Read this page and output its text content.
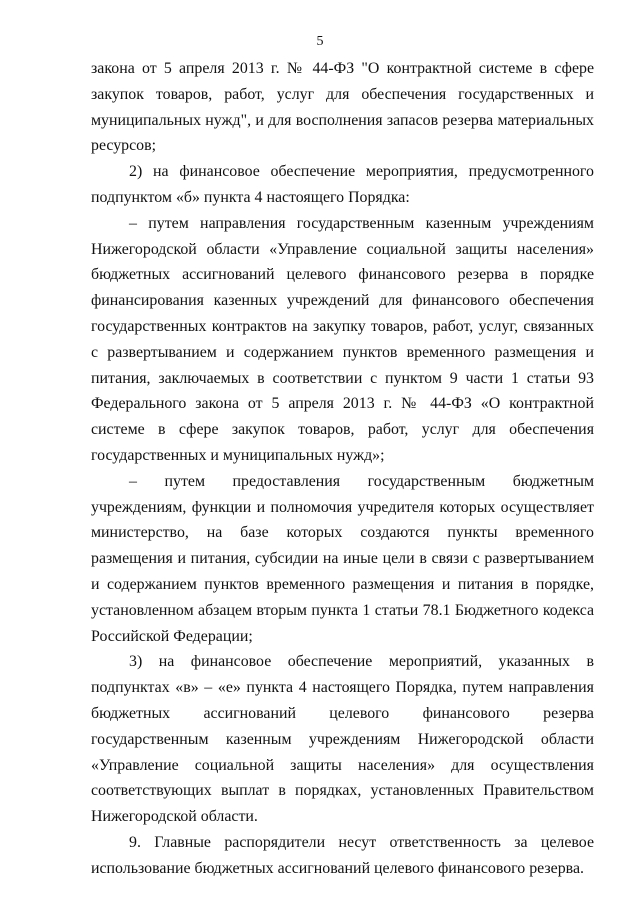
5

закона от 5 апреля 2013 г. № 44-ФЗ "О контрактной системе в сфере закупок товаров, работ, услуг для обеспечения государственных и муниципальных нужд", и для восполнения запасов резерва материальных ресурсов;

2) на финансовое обеспечение мероприятия, предусмотренного подпунктом «б» пункта 4 настоящего Порядка:

– путем направления государственным казенным учреждениям Нижегородской области «Управление социальной защиты населения» бюджетных ассигнований целевого финансового резерва в порядке финансирования казенных учреждений для финансового обеспечения государственных контрактов на закупку товаров, работ, услуг, связанных с развертыванием и содержанием пунктов временного размещения и питания, заключаемых в соответствии с пунктом 9 части 1 статьи 93 Федерального закона от 5 апреля 2013 г. № 44-ФЗ «О контрактной системе в сфере закупок товаров, работ, услуг для обеспечения государственных и муниципальных нужд»;

– путем предоставления государственным бюджетным учреждениям, функции и полномочия учредителя которых осуществляет министерство, на базе которых создаются пункты временного размещения и питания, субсидии на иные цели в связи с развертыванием и содержанием пунктов временного размещения и питания в порядке, установленном абзацем вторым пункта 1 статьи 78.1 Бюджетного кодекса Российской Федерации;

3) на финансовое обеспечение мероприятий, указанных в подпунктах «в» – «е» пункта 4 настоящего Порядка, путем направления бюджетных ассигнований целевого финансового резерва государственным казенным учреждениям Нижегородской области «Управление социальной защиты населения» для осуществления соответствующих выплат в порядках, установленных Правительством Нижегородской области.

9. Главные распорядители несут ответственность за целевое использование бюджетных ассигнований целевого финансового резерва.
